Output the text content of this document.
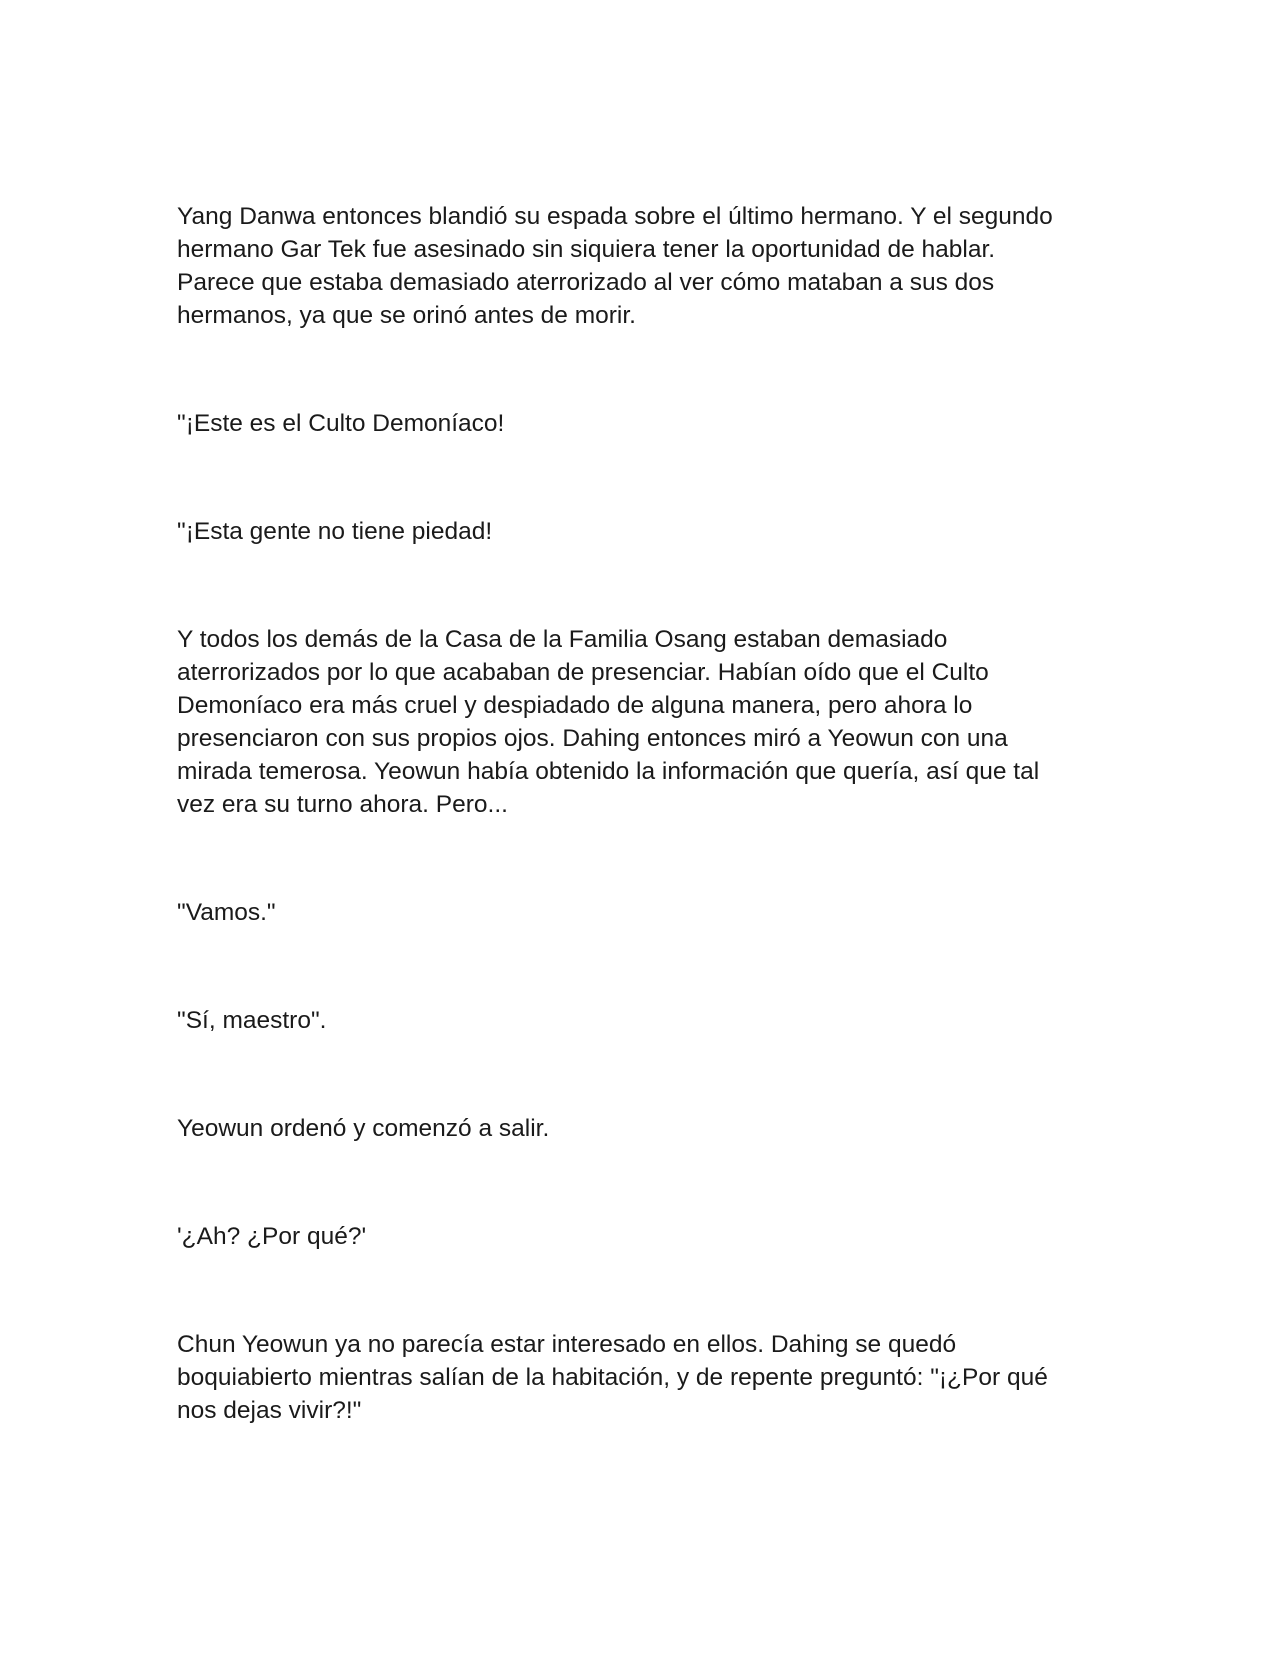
Yang Danwa entonces blandió su espada sobre el último hermano. Y el segundo
hermano Gar Tek fue asesinado sin siquiera tener la oportunidad de hablar.
Parece que estaba demasiado aterrorizado al ver cómo mataban a sus dos
hermanos, ya que se orinó antes de morir.

"¡Este es el Culto Demoníaco!

"¡Esta gente no tiene piedad!

Y todos los demás de la Casa de la Familia Osang estaban demasiado
aterrorizados por lo que acababan de presenciar. Habían oído que el Culto
Demoníaco era más cruel y despiadado de alguna manera, pero ahora lo
presenciaron con sus propios ojos. Dahing entonces miró a Yeowun con una
mirada temerosa. Yeowun había obtenido la información que quería, así que tal
vez era su turno ahora. Pero...

"Vamos."

"Sí, maestro".

Yeowun ordenó y comenzó a salir.

'¿Ah? ¿Por qué?'

Chun Yeowun ya no parecía estar interesado en ellos. Dahing se quedó
boquiabierto mientras salían de la habitación, y de repente preguntó: "¡¿Por qué
nos dejas vivir?!"
